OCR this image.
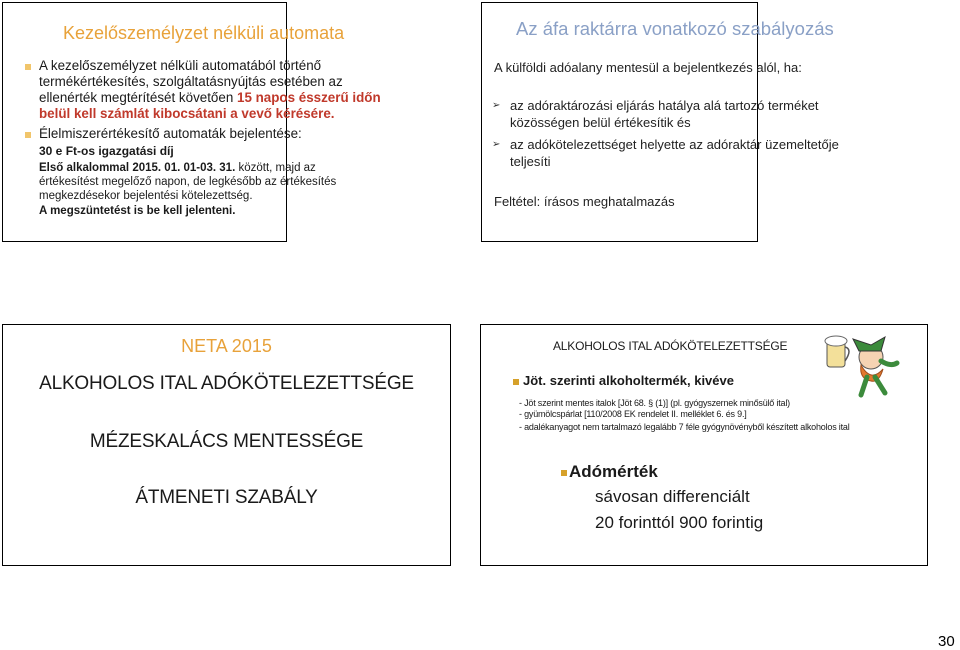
Kezelőszemélyzet nélküli automata
A kezelőszemélyzet nélküli automatából történő termékértékesítés, szolgáltatásnyújtás esetében az ellenérték megtérítését követően 15 napos ésszerű időn belül kell számlát kibocsátani a vevő kérésére.
Élelmiszerértékesítő automaták bejelentése:
30 e Ft-os igazgatási díj
Első alkalommal 2015. 01. 01-03. 31. között, majd az
értékesítést megelőző napon, de legkésőbb az értékesítés
megkezdésekor bejelentési kötelezettség.
A megszüntetést is be kell jelenteni.
Az áfa raktárra vonatkozó szabályozás
A külföldi adóalany mentesül a bejelentkezés alól, ha:
➢ az adóraktározási eljárás hatálya alá tartozó terméket
közösségen belül értékesítik és
➢ az adókötelezettséget helyette az adóraktár üzemeltetője
teljesíti
Feltétel: írásos meghatalmazás
NETA 2015
ALKOHOLOS ITAL ADÓKÖTELEZETTSÉGE
MÉZESKALÁCS MENTESSÉGE
ÁTMENETI SZABÁLY
ALKOHOLOS ITAL ADÓKÖTELEZETTSÉGE
Jöt. szerinti alkoholtermék, kivéve
- Jöt szerint mentes italok [Jöt 68. § (1)] (pl. gyógyszernek minősülő ital)
- gyümölcspárlat [110/2008 EK rendelet II. melléklet 6. és 9.]
- adalékanyagot nem tartalmazó legalább 7 féle gyógynövényből készített alkoholos ital
Adómérték
sávosan differenciált
20 forinttól 900 forintig
30
